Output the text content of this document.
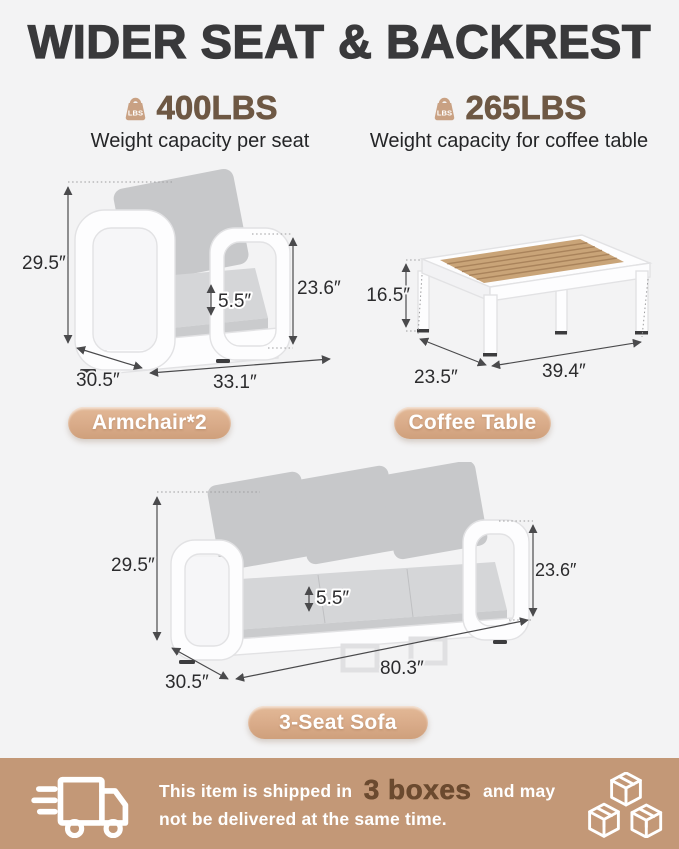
WIDER SEAT & BACKREST
LBS 400LBS
Weight capacity per seat
LBS 265LBS
Weight capacity for coffee table
29.5″
23.6″
5.5″
30.5″	33.1″
Armchair*2
16.5″
23.5″	39.4″
Coffee Table
29.5″	23.6″
5.5″
30.5″
80.3″
3-Seat Sofa
This item is shipped in 3 boxes and may
not be delivered at the same time.
